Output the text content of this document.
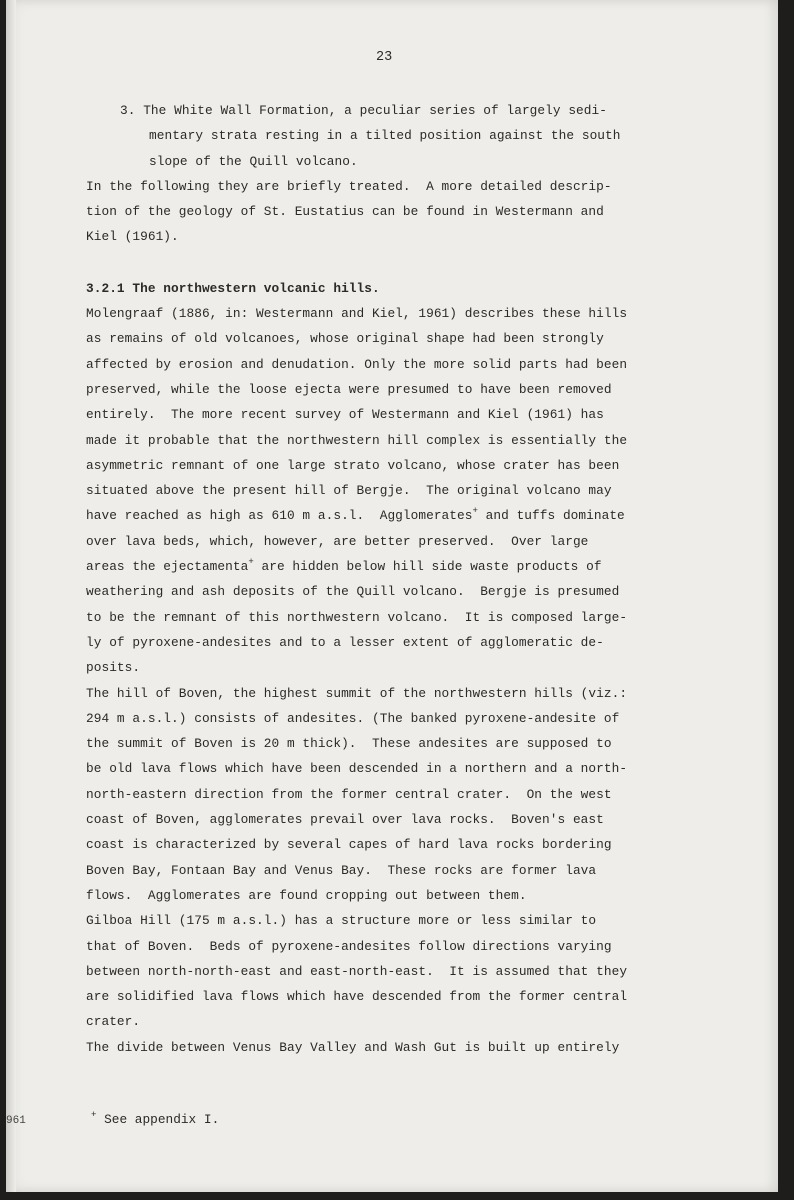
23
3. The White Wall Formation, a peculiar series of largely sedi-
mentary strata resting in a tilted position against the south
slope of the Quill volcano.
In the following they are briefly treated.  A more detailed descrip-
tion of the geology of St. Eustatius can be found in Westermann and
Kiel (1961).
3.2.1 The northwestern volcanic hills.
Molengraaf (1886, in: Westermann and Kiel, 1961) describes these hills
as remains of old volcanoes, whose original shape had been strongly
affected by erosion and denudation. Only the more solid parts had been
preserved, while the loose ejecta were presumed to have been removed
entirely.  The more recent survey of Westermann and Kiel (1961) has
made it probable that the northwestern hill complex is essentially the
asymmetric remnant of one large strato volcano, whose crater has been
situated above the present hill of Bergje.  The original volcano may
have reached as high as 610 m a.s.l.  Agglomerates+ and tuffs dominate
over lava beds, which, however, are better preserved.  Over large
areas the ejectamenta+ are hidden below hill side waste products of
weathering and ash deposits of the Quill volcano.  Bergje is presumed
to be the remnant of this northwestern volcano.  It is composed large-
ly of pyroxene-andesites and to a lesser extent of agglomeratic de-
posits.
The hill of Boven, the highest summit of the northwestern hills (viz.:
294 m a.s.l.) consists of andesites. (The banked pyroxene-andesite of
the summit of Boven is 20 m thick).  These andesites are supposed to
be old lava flows which have been descended in a northern and a north-
north-eastern direction from the former central crater.  On the west
coast of Boven, agglomerates prevail over lava rocks.  Boven's east
coast is characterized by several capes of hard lava rocks bordering
Boven Bay, Fontaan Bay and Venus Bay.  These rocks are former lava
flows.  Agglomerates are found cropping out between them.
Gilboa Hill (175 m a.s.l.) has a structure more or less similar to
that of Boven.  Beds of pyroxene-andesites follow directions varying
between north-north-east and east-north-east.  It is assumed that they
are solidified lava flows which have descended from the former central
crater.
The divide between Venus Bay Valley and Wash Gut is built up entirely
+ See appendix I.
961
